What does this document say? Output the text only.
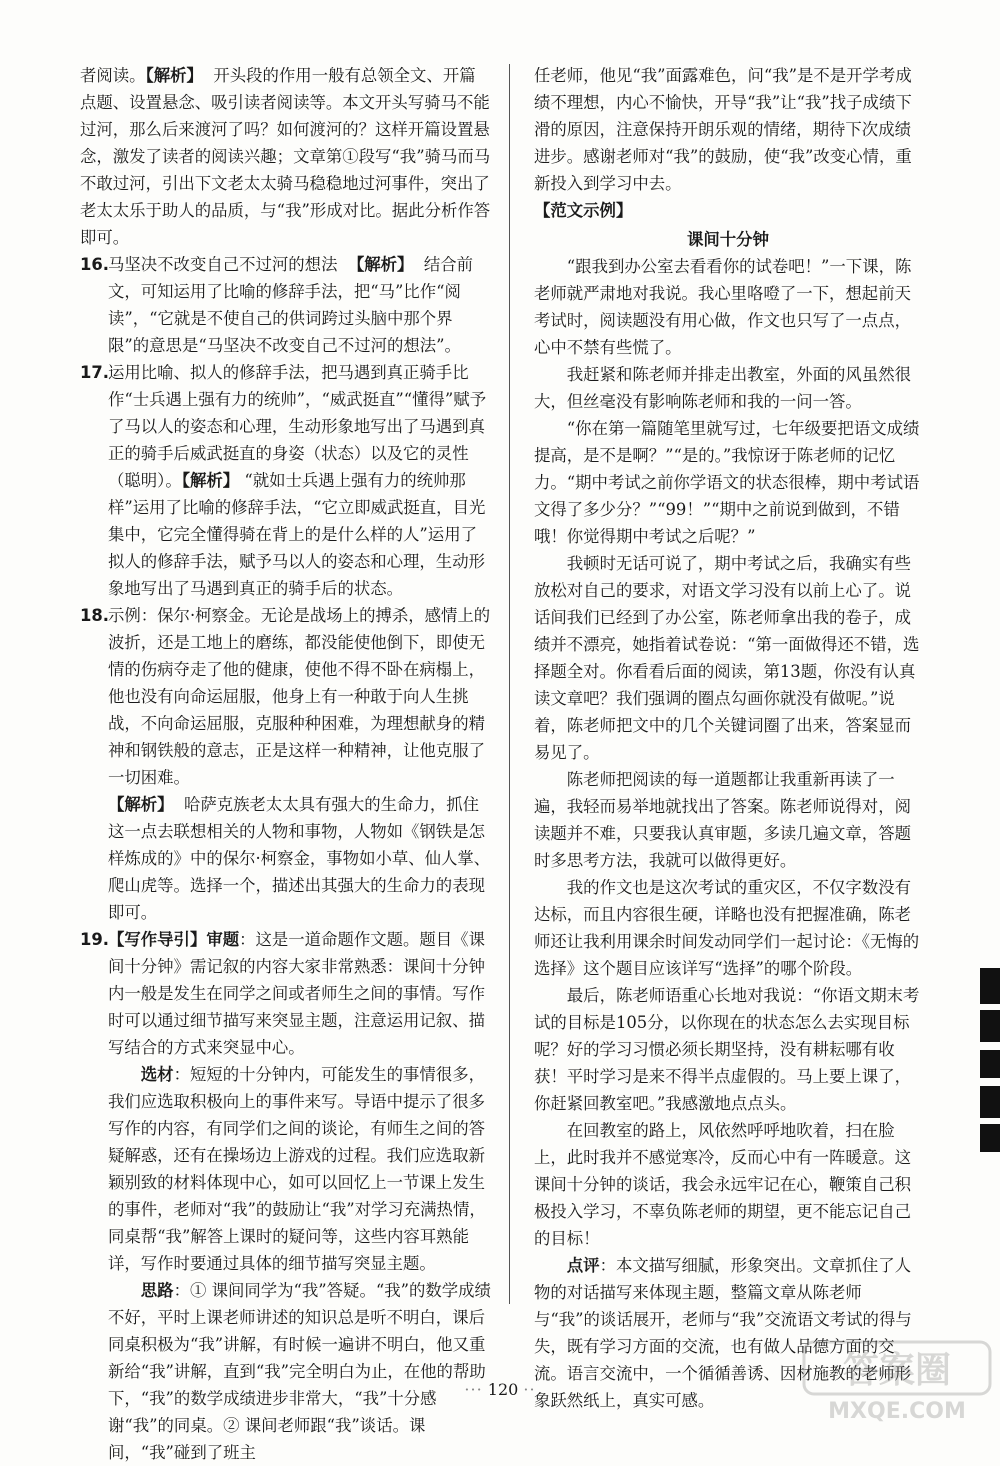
者阅读。【解析】 开头段的作用一般有总领全文、开篇点题、设置悬念、吸引读者阅读等。本文开头写骑马不能过河，那么后来渡河了吗？如何渡河的？这样开篇设置悬念，激发了读者的阅读兴趣；文章第①段写“我”骑马而马不敢过河，引出下文老太太骑马稳稳地过河事件，突出了老太太乐于助人的品质，与“我”形成对比。据此分析作答即可。

16.
马坚决不改变自己不过河的想法 【解析】 结合前文，可知运用了比喻的修辞手法，把“马”比作“阅读”，“它就是不使自己的供词跨过头脑中那个界限”的意思是“马坚决不改变自己不过河的想法”。
17.
运用比喻、拟人的修辞手法，把马遇到真正骑手比作“士兵遇上强有力的统帅”，“威武挺直”“懂得”赋予了马以人的姿态和心理，生动形象地写出了马遇到真正的骑手后威武挺直的身姿（状态）以及它的灵性（聪明）。【解析】 “就如士兵遇上强有力的统帅那样”运用了比喻的修辞手法，“它立即威武挺直，目光集中，它完全懂得骑在背上的是什么样的人”运用了拟人的修辞手法，赋予马以人的姿态和心理，生动形象地写出了马遇到真正的骑手后的状态。
18.
示例：保尔·柯察金。无论是战场上的搏杀，感情上的波折，还是工地上的磨练，都没能使他倒下，即使无情的伤病夺走了他的健康，使他不得不卧在病榻上，他也没有向命运屈服，他身上有一种敢于向人生挑战，不向命运屈服，克服种种困难，为理想献身的精神和钢铁般的意志，正是这样一种精神，让他克服了一切困难。
【解析】 哈萨克族老太太具有强大的生命力，抓住这一点去联想相关的人物和事物，人物如《钢铁是怎样炼成的》中的保尔·柯察金，事物如小草、仙人掌、爬山虎等。选择一个，描述出其强大的生命力的表现即可。
19.
【写作导引】审题：这是一道命题作文题。题目《课间十分钟》需记叙的内容大家非常熟悉：课间十分钟内一般是发生在同学之间或者师生之间的事情。写作时可以通过细节描写来突显主题，注意运用记叙、描写结合的方式来突显中心。

选材：短短的十分钟内，可能发生的事情很多，我们应选取积极向上的事件来写。导语中提示了很多写作的内容，有同学们之间的谈论，有师生之间的答疑解惑，还有在操场边上游戏的过程。我们应选取新颖别致的材料体现中心，如可以回忆上一节课上发生的事件，老师对“我”的鼓励让“我”对学习充满热情，同桌帮“我”解答上课时的疑问等，这些内容耳熟能详，写作时要通过具体的细节描写突显主题。

思路：① 课间同学为“我”答疑。“我”的数学成绩不好，平时上课老师讲述的知识总是听不明白，课后同桌积极为“我”讲解，有时候一遍讲不明白，他又重新给“我”讲解，直到“我”完全明白为止，在他的帮助下，“我”的数学成绩进步非常大，“我”十分感谢“我”的同桌。② 课间老师跟“我”谈话。课间，“我”碰到了班主

任老师，他见“我”面露难色，问“我”是不是开学考成绩不理想，内心不愉快，开导“我”让“我”找子成绩下滑的原因，注意保持开朗乐观的情绪，期待下次成绩进步。感谢老师对“我”的鼓励，使“我”改变心情，重新投入到学习中去。

【范文示例】

课间十分钟

“跟我到办公室去看看你的试卷吧！”一下课，陈老师就严肃地对我说。我心里咯噔了一下，想起前天考试时，阅读题没有用心做，作文也只写了一点点，心中不禁有些慌了。

我赶紧和陈老师并排走出教室，外面的风虽然很大，但丝毫没有影响陈老师和我的一问一答。

“你在第一篇随笔里就写过，七年级要把语文成绩提高，是不是啊？”“是的。”我惊讶于陈老师的记忆力。“期中考试之前你学语文的状态很棒，期中考试语文得了多少分？”“99！”“期中之前说到做到，不错哦！你觉得期中考试之后呢？”

我顿时无话可说了，期中考试之后，我确实有些放松对自己的要求，对语文学习没有以前上心了。说话间我们已经到了办公室，陈老师拿出我的卷子，成绩并不漂亮，她指着试卷说：“第一面做得还不错，选择题全对。你看看后面的阅读，第13题，你没有认真读文章吧？我们强调的圈点勾画你就没有做呢。”说着，陈老师把文中的几个关键词圈了出来，答案显而易见了。

陈老师把阅读的每一道题都让我重新再读了一遍，我轻而易举地就找出了答案。陈老师说得对，阅读题并不难，只要我认真审题，多读几遍文章，答题时多思考方法，我就可以做得更好。

我的作文也是这次考试的重灾区，不仅字数没有达标，而且内容很生硬，详略也没有把握准确，陈老师还让我利用课余时间发动同学们一起讨论：《无悔的选择》这个题目应该详写“选择”的哪个阶段。

最后，陈老师语重心长地对我说：“你语文期末考试的目标是105分，以你现在的状态怎么去实现目标呢？好的学习习惯必须长期坚持，没有耕耘哪有收获！平时学习是来不得半点虚假的。马上要上课了，你赶紧回教室吧。”我感激地点点头。

在回教室的路上，风依然呼呼地吹着，扫在脸上，此时我并不感觉寒冷，反而心中有一阵暖意。这课间十分钟的谈话，我会永远牢记在心，鞭策自己积极投入学习，不辜负陈老师的期望，更不能忘记自己的目标！

点评：本文描写细腻，形象突出。文章抓住了人物的对话描写来体现主题，整篇文章从陈老师与“我”的谈话展开，老师与“我”交流语文考试的得与失，既有学习方面的交流，也有做人品德方面的交流。语言交流中，一个循循善诱、因材施教的老师形象跃然纸上，真实可感。

··· 120 ··	答案圈
MXQE.COM
